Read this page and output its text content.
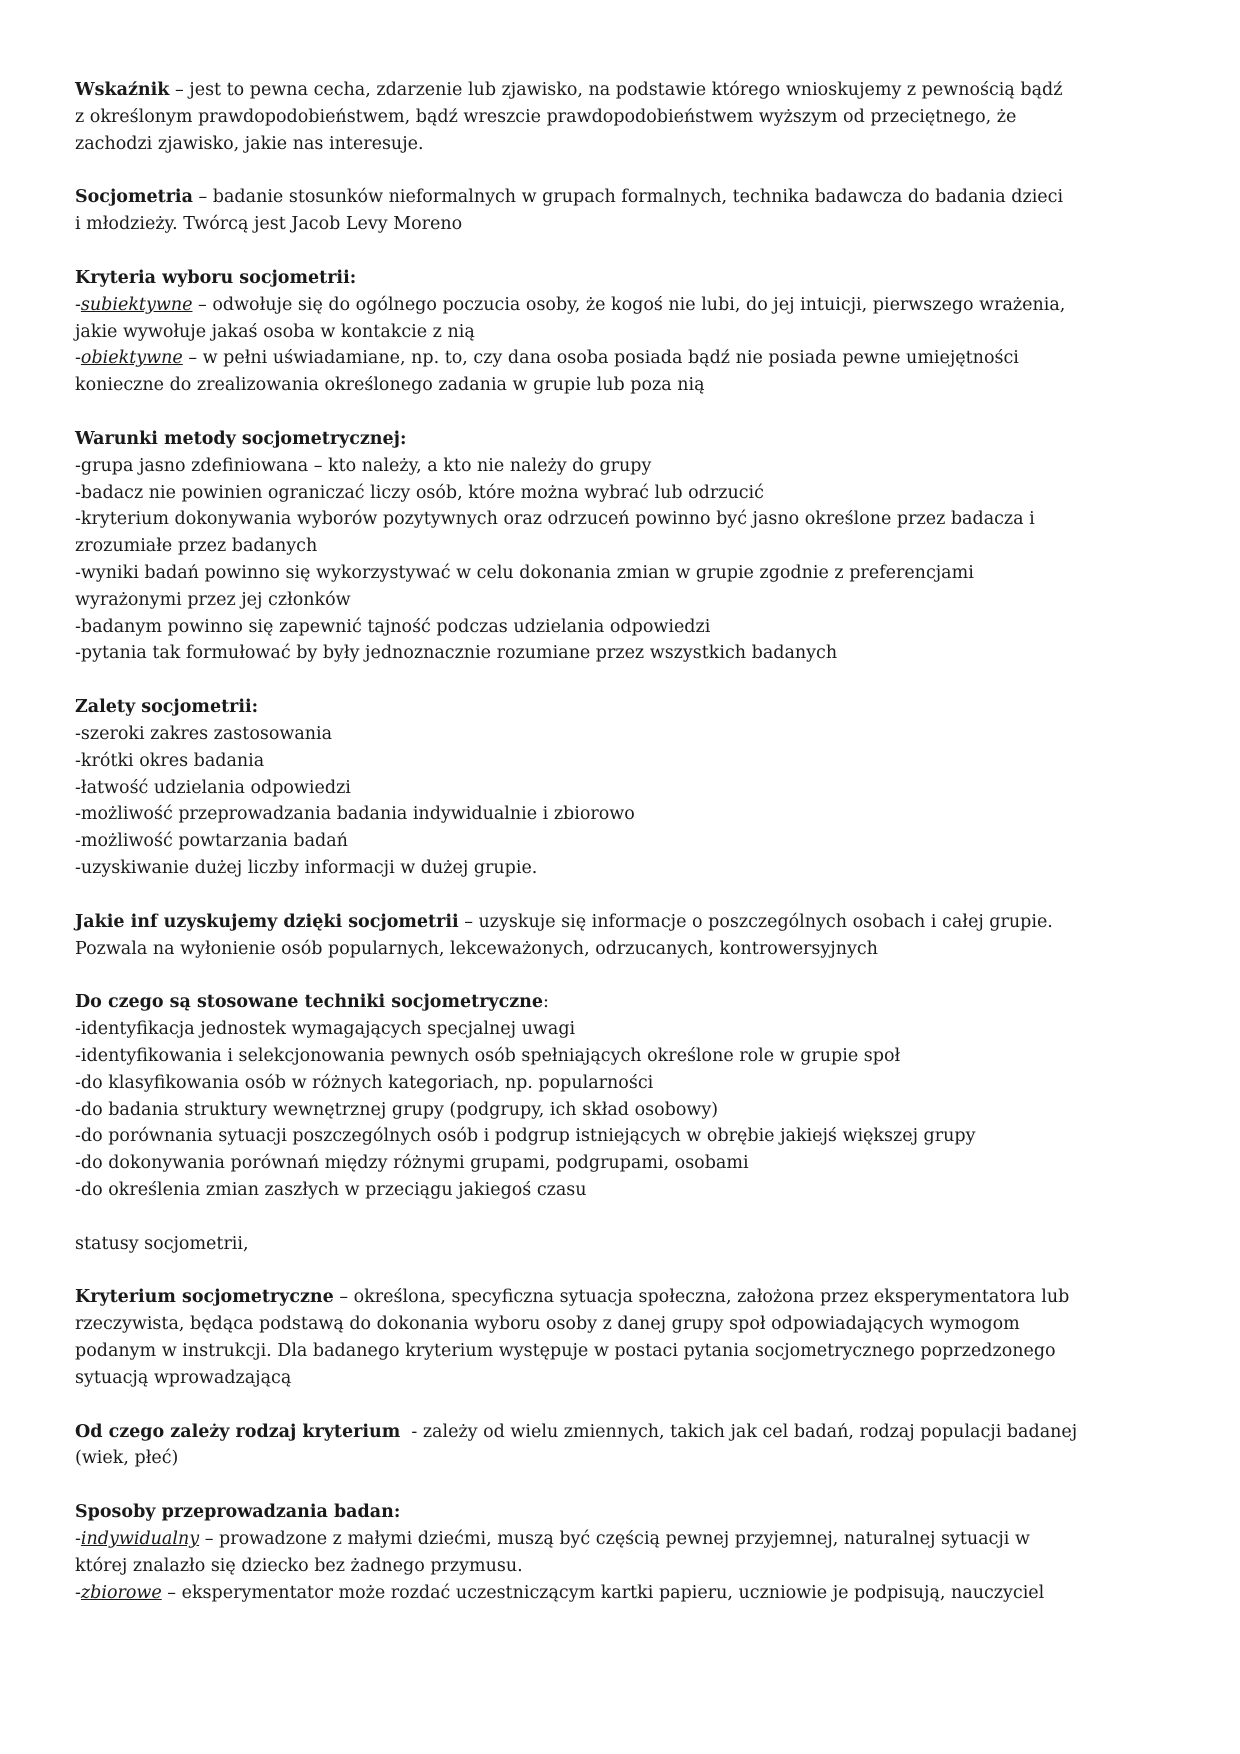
Wskaźnik – jest to pewna cecha, zdarzenie lub zjawisko, na podstawie którego wnioskujemy z pewnością bądź

z określonym prawdopodobieństwem, bądź wreszcie prawdopodobieństwem wyższym od przeciętnego, że

zachodzi zjawisko, jakie nas interesuje.

Socjometria – badanie stosunków nieformalnych w grupach formalnych, technika badawcza do badania dzieci

i młodzieży. Twórcą jest Jacob Levy Moreno

Kryteria wyboru socjometrii:

-subiektywne – odwołuje się do ogólnego poczucia osoby, że kogoś nie lubi, do jej intuicji, pierwszego wrażenia,

jakie wywołuje jakaś osoba w kontakcie z nią

-obiektywne – w pełni uświadamiane, np. to, czy dana osoba posiada bądź nie posiada pewne umiejętności

konieczne do zrealizowania określonego zadania w grupie lub poza nią

Warunki metody socjometrycznej:

-grupa jasno zdefiniowana – kto należy, a kto nie należy do grupy

-badacz nie powinien ograniczać liczy osób, które można wybrać lub odrzucić

-kryterium dokonywania wyborów pozytywnych oraz odrzuceń powinno być jasno określone przez badacza i

zrozumiałe przez badanych

-wyniki badań powinno się wykorzystywać w celu dokonania zmian w grupie zgodnie z preferencjami

wyrażonymi przez jej członków

-badanym powinno się zapewnić tajność podczas udzielania odpowiedzi

-pytania tak formułować by były jednoznacznie rozumiane przez wszystkich badanych

Zalety socjometrii:

-szeroki zakres zastosowania

-krótki okres badania

-łatwość udzielania odpowiedzi

-możliwość przeprowadzania badania indywidualnie i zbiorowo

-możliwość powtarzania badań

-uzyskiwanie dużej liczby informacji w dużej grupie.

Jakie inf uzyskujemy dzięki socjometrii – uzyskuje się informacje o poszczególnych osobach i całej grupie.

Pozwala na wyłonienie osób popularnych, lekceważonych, odrzucanych, kontrowersyjnych

Do czego są stosowane techniki socjometryczne:

-identyfikacja jednostek wymagających specjalnej uwagi

-identyfikowania i selekcjonowania pewnych osób spełniających określone role w grupie społ

-do klasyfikowania osób w różnych kategoriach, np. popularności

-do badania struktury wewnętrznej grupy (podgrupy, ich skład osobowy)

-do porównania sytuacji poszczególnych osób i podgrup istniejących w obrębie jakiejś większej grupy

-do dokonywania porównań między różnymi grupami, podgrupami, osobami

-do określenia zmian zaszłych w przeciągu jakiegoś czasu

statusy socjometrii,

Kryterium socjometryczne – określona, specyficzna sytuacja społeczna, założona przez eksperymentatora lub

rzeczywista, będąca podstawą do dokonania wyboru osoby z danej grupy społ odpowiadających wymogom

podanym w instrukcji. Dla badanego kryterium występuje w postaci pytania socjometrycznego poprzedzonego

sytuacją wprowadzającą

Od czego zależy rodzaj kryterium  - zależy od wielu zmiennych, takich jak cel badań, rodzaj populacji badanej

(wiek, płeć)

Sposoby przeprowadzania badan:

-indywidualny – prowadzone z małymi dziećmi, muszą być częścią pewnej przyjemnej, naturalnej sytuacji w

której znalazło się dziecko bez żadnego przymusu.

-zbiorowe – eksperymentator może rozdać uczestniczącym kartki papieru, uczniowie je podpisują, nauczyciel
